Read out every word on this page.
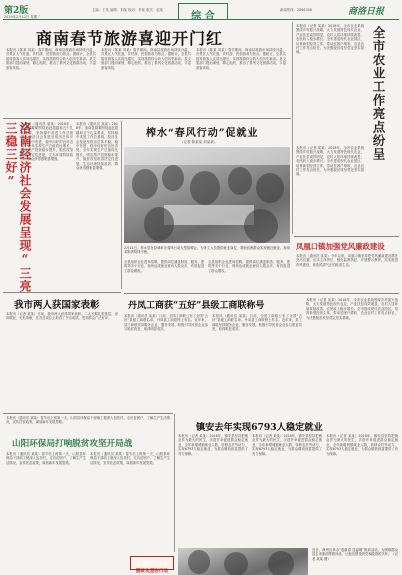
第2版
2019年2月12日 星期二
主编：王某 编辑：刘某 校对：李某 版式：赵某
综 合
新闻热线：2866306	商洛日报
商南春节旅游喜迎开门红
本报讯（陈某 刘某）春节期间，商南县旅游市场持续升温，各景区人气旺盛，乡村游、民俗游成为热点。据统计，全县共接待游客人次同比增长，实现旅游综合收入创历史新高。县文旅部门提前谋划，精心组织，推出了系列文化旅游活动，丰富游客体验。
本报讯（陈某 刘某）春节期间，商南县旅游市场持续升温，各景区人气旺盛，乡村游、民俗游成为热点。据统计，全县共接待游客人次同比增长，实现旅游综合收入创历史新高。县文旅部门提前谋划，精心组织，推出了系列文化旅游活动，丰富游客体验。
本报讯（陈某 刘某）春节期间，商南县旅游市场持续升温，各景区人气旺盛，乡村游、民俗游成为热点。据统计，全县共接待游客人次同比增长，实现旅游综合收入创历史新高。县文旅部门提前谋划，精心组织，推出了系列文化旅游活动，丰富游客体验。
本报讯（记者 某某）2018年，全市农业系统围绕乡村振兴战略，大力发展特色现代农业，产业扶贫成效明显，农村人居环境持续改善，农民收入稳步增长。全市建成现代农业园区，培育新型经营主体，带动贫困户增收，农业农村工作亮点纷呈，为决胜脱贫攻坚奠定坚实基础。	全市农业工作亮点纷呈
本报讯（记者 某某）2018年，全市农业系统围绕乡村振兴战略，大力发展特色现代农业，产业扶贫成效明显，农村人居环境持续改善，农民收入稳步增长。全市建成现代农业园区，培育新型经营主体，带动贫困户增收，农业农村工作亮点纷呈，为决胜脱贫攻坚奠定坚实基础。
洛南经济社会发展呈现“三亮三稳三好” 本报讯（通讯员 某某）2018年，洛南县紧紧围绕追赶超越和五个扎实要求，坚持稳中求进工作总基调，经济社会发展呈现出总体平稳、稳中有进、稳中向好的良好态势。全年实现生产总值同比增长，固定资产投资稳步提升，脱贫攻坚取得决定性进展，生态环境持续改善，群众获得感明显增强。
本报讯（通讯员 某某）2018年，洛南县紧紧围绕追赶超越和五个扎实要求，坚持稳中求进工作总基调，经济社会发展呈现出总体平稳、稳中有进、稳中向好的良好态势。全年实现生产总值同比增长，固定资产投资稳步提升，脱贫攻坚取得决定性进展，生态环境持续改善，群众获得感明显增强。
榨水“春风行动”促就业
（记者 陈某某 刘某某）
2月11日，柞水县在县城举办春风行动大型招聘会，为务工人员提供就业岗位，帮助贫困群众实现就近就业，现场求职者络绎不绝。
全县组织企业进场招聘，提供岗位涵盖制造、服务、建筑等多个行业，现场达成就业意向人数众多，有效促进了群众增收。
全县组织企业进场招聘，提供岗位涵盖制造、服务、建筑等多个行业，现场达成就业意向人数众多，有效促进了群众增收。
凤凰口镇加强党风廉政建设
本报讯（通讯员 某某）今年以来，凤凰口镇坚持把党风廉政建设摆在突出位置，压实主体责任，强化监督执纪，开展警示教育，扎实推进作风建设，营造风清气正的政治生态。
丹凤工商获“五好”县级工商联称号
本报讯（通讯员 某某）日前，全国工商联公布了全国“五好”县级工商联名单，丹凤县工商联榜上有名。近年来，县工商联坚持服务企业、服务发展，积极引导民营企业参与脱贫攻坚，取得明显成效。
本报讯（通讯员 某某）日前，全国工商联公布了全国“五好”县级工商联名单，丹凤县工商联榜上有名。近年来，县工商联坚持服务企业、服务发展，积极引导民营企业参与脱贫攻坚，取得明显成效。
本报讯（记者 某某）2018年，全市农业系统围绕乡村振兴战略，大力发展特色现代农业，产业扶贫成效明显，农村人居环境持续改善，农民收入稳步增长。全市建成现代农业园区，培育新型经营主体，带动贫困户增收，农业农村工作亮点纷呈，为决胜脱贫攻坚奠定坚实基础。
我市两人获国家表彰
本报讯（记者 某某）日前，我市两人获得国家表彰。二人长期扎根基层，爱岗敬业，无私奉献，在各自岗位上取得了突出成绩，受到群众广泛好评。
本报讯（通讯员 某某）春节后上班第一天，山阳县环保局干部职工便深入包扶村，走访贫困户，了解生产生活情况，宣传扶贫政策，谋划新年发展思路。
山阳环保局打响脱贫攻坚开局战
本报讯（通讯员 某某）春节后上班第一天，山阳县环保局干部职工便深入包扶村，走访贫困户，了解生产生活情况，宣传扶贫政策，谋划新年发展思路。
本报讯（通讯员 某某）春节后上班第一天，山阳县环保局干部职工便深入包扶村，走访贫困户，了解生产生活情况，宣传扶贫政策，谋划新年发展思路。
镇安去年实现6793人稳定就业
本报讯（记者 某某）2018年，镇安县坚持把就业作为最大的民生，多措并举促进群众稳定就业，全年新增城镇就业人数，转移农村劳动力，实现6793人稳定就业，为群众增收致富提供了有力保障。
本报讯（记者 某某）2018年，镇安县坚持把就业作为最大的民生，多措并举促进群众稳定就业，全年新增城镇就业人数，转移农村劳动力，实现6793人稳定就业，为群众增收致富提供了有力保障。
本报讯（记者 某某）2018年，镇安县坚持把就业作为最大的民生，多措并举促进群众稳定就业，全年新增城镇就业人数，转移农村劳动力，实现6793人稳定就业，为群众增收致富提供了有力保障。
脱贫攻坚在行动
近日，商州区举办“迎新春 送温暖”慰问活动，为困难群众送去米面油等慰问品，让他们感受到党和政府的关怀。（记者 某某 摄）
